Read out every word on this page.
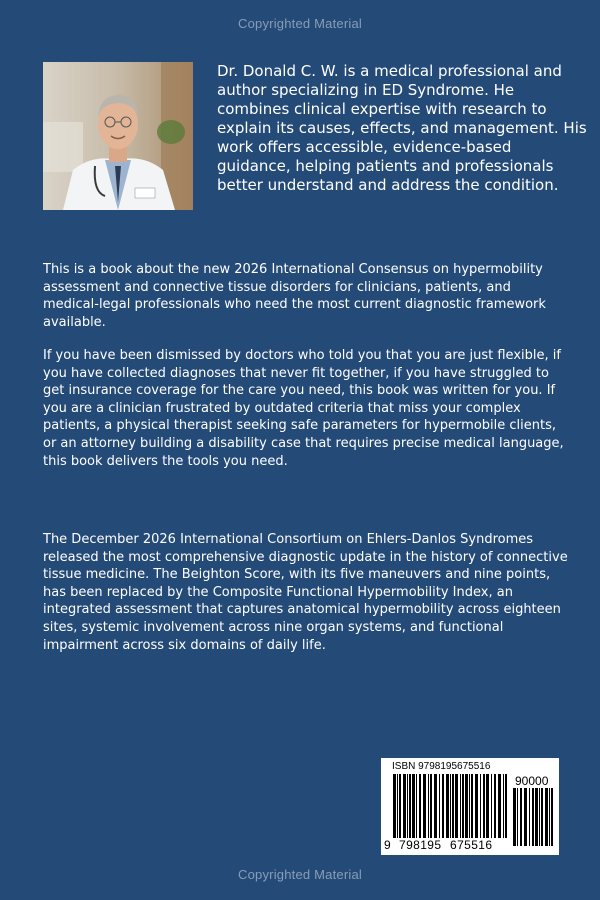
Copyrighted Material
Dr. Donald C. W. is a medical professional and author specializing in ED Syndrome. He combines clinical expertise with research to explain its causes, effects, and management. His work offers accessible, evidence-based guidance, helping patients and professionals better understand and address the condition.
This is a book about the new 2026 International Consensus on hypermobility assessment and connective tissue disorders for clinicians, patients, and medical-legal professionals who need the most current diagnostic framework available.
If you have been dismissed by doctors who told you that you are just flexible, if you have collected diagnoses that never fit together, if you have struggled to get insurance coverage for the care you need, this book was written for you. If you are a clinician frustrated by outdated criteria that miss your complex patients, a physical therapist seeking safe parameters for hypermobile clients, or an attorney building a disability case that requires precise medical language, this book delivers the tools you need.
The December 2026 International Consortium on Ehlers-Danlos Syndromes released the most comprehensive diagnostic update in the history of connective tissue medicine. The Beighton Score, with its five maneuvers and nine points, has been replaced by the Composite Functional Hypermobility Index, an integrated assessment that captures anatomical hypermobility across eighteen sites, systemic involvement across nine organ systems, and functional impairment across six domains of daily life.
ISBN 9798195675516
90000
9 798195 675516
Copyrighted Material
